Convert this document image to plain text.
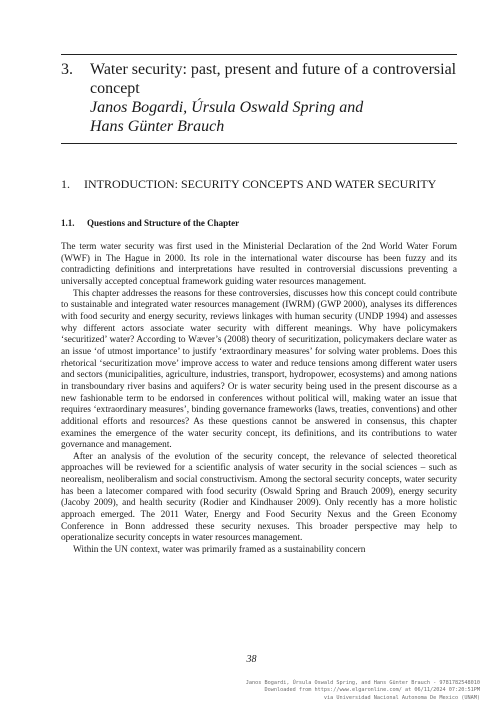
3. Water security: past, present and future of a controversial concept
Janos Bogardi, Úrsula Oswald Spring and
Hans Günter Brauch
1. INTRODUCTION: SECURITY CONCEPTS AND WATER SECURITY
1.1. Questions and Structure of the Chapter

The term water security was first used in the Ministerial Declaration of the 2nd World Water Forum (WWF) in The Hague in 2000. Its role in the international water discourse has been fuzzy and its contradicting definitions and interpretations have resulted in controversial discussions preventing a universally accepted conceptual framework guiding water resources management.

This chapter addresses the reasons for these controversies, discusses how this concept could contribute to sustainable and integrated water resources management (IWRM) (GWP 2000), analyses its differences with food security and energy security, reviews linkages with human security (UNDP 1994) and assesses why different actors associate water security with different meanings. Why have policymakers ‘securitized’ water? According to Wæver’s (2008) theory of securitization, policymakers declare water as an issue ‘of utmost importance’ to justify ‘extraordinary measures’ for solving water problems. Does this rhetorical ‘securitization move’ improve access to water and reduce tensions among different water users and sectors (municipalities, agriculture, industries, transport, hydropower, ecosystems) and among nations in transboundary river basins and aquifers? Or is water security being used in the present discourse as a new fashionable term to be endorsed in conferences without political will, making water an issue that requires ‘extraordinary measures’, binding governance frameworks (laws, treaties, conventions) and other additional efforts and resources? As these questions cannot be answered in consensus, this chapter examines the emergence of the water security concept, its definitions, and its contributions to water governance and management.

After an analysis of the evolution of the security concept, the relevance of selected theoretical approaches will be reviewed for a scientific analysis of water security in the social sciences – such as neorealism, neoliberalism and social constructivism. Among the sectoral security concepts, water security has been a latecomer compared with food security (Oswald Spring and Brauch 2009), energy security (Jacoby 2009), and health security (Rodier and Kindhauser 2009). Only recently has a more holistic approach emerged. The 2011 Water, Energy and Food Security Nexus and the Green Economy Conference in Bonn addressed these security nexuses. This broader perspective may help to operationalize security concepts in water resources management.

Within the UN context, water was primarily framed as a sustainability concern

38
Janos Bogardi, Úrsula Oswald Spring, and Hans Günter Brauch - 9781782548010
Downloaded from https://www.elgaronline.com/ at 06/11/2024 07:20:51PM
via Universidad Nacional Autonoma De Mexico (UNAM)
